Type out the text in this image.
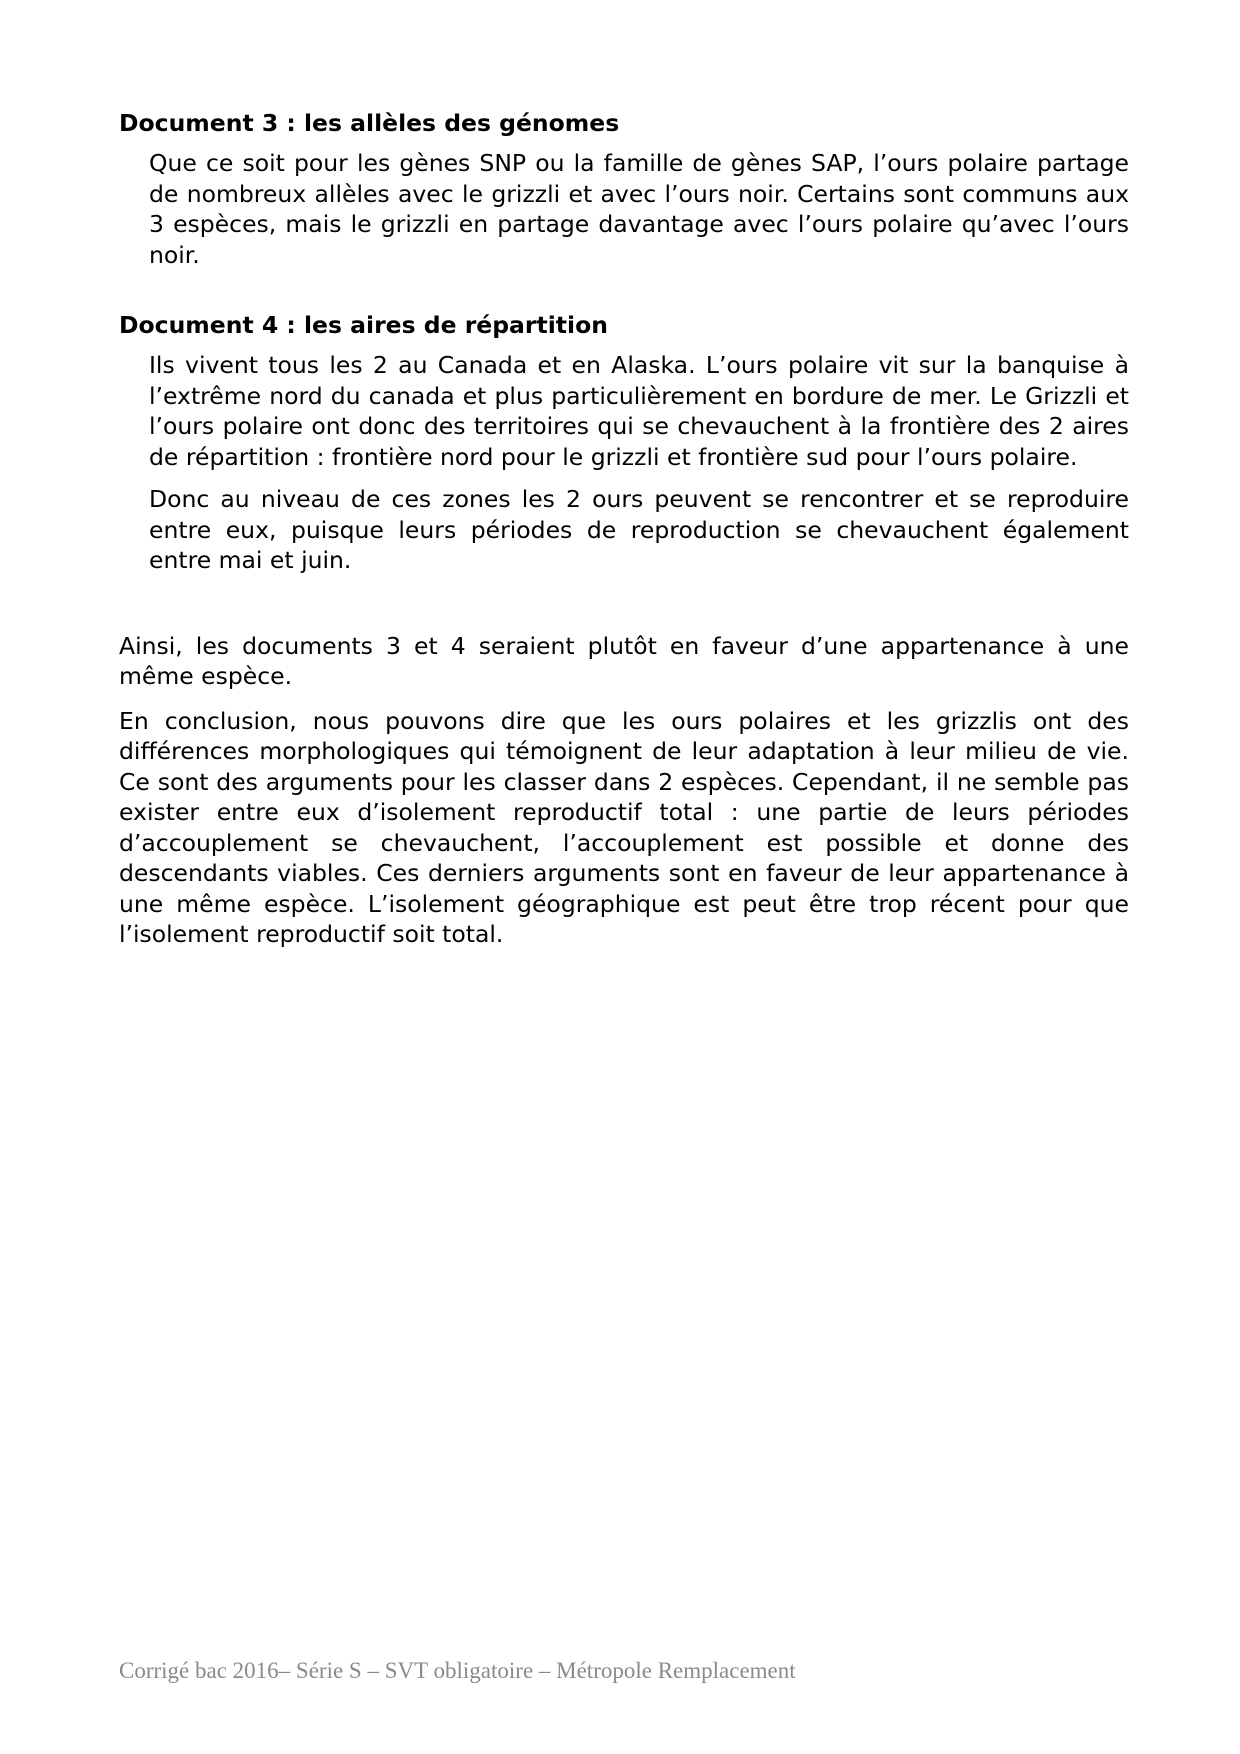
Document 3 : les allèles des génomes

Que ce soit pour les gènes SNP ou la famille de gènes SAP, l’ours polaire partage de nombreux allèles avec le grizzli et avec l’ours noir. Certains sont communs aux 3 espèces, mais le grizzli en partage davantage avec l’ours polaire qu’avec l’ours noir.

Document 4 : les aires de répartition

Ils vivent tous les 2 au Canada et en Alaska. L’ours polaire vit sur la banquise à l’extrême nord du canada et plus particulièrement en bordure de mer. Le Grizzli et l’ours polaire ont donc des territoires qui se chevauchent à la frontière des 2 aires de répartition : frontière nord pour le grizzli et frontière sud pour l’ours polaire.

Donc au niveau de ces zones les 2 ours peuvent se rencontrer et se reproduire entre eux, puisque leurs périodes de reproduction se chevauchent également entre mai et juin.

Ainsi, les documents 3 et 4 seraient plutôt en faveur d’une appartenance à une même espèce.

En conclusion, nous pouvons dire que les ours polaires et les grizzlis ont des différences morphologiques qui témoignent de leur adaptation à leur milieu de vie. Ce sont des arguments pour les classer dans 2 espèces. Cependant, il ne semble pas exister entre eux d’isolement reproductif total : une partie de leurs périodes d’accouplement se chevauchent, l’accouplement est possible et donne des descendants viables. Ces derniers arguments sont en faveur de leur appartenance à une même espèce. L’isolement géographique est peut être trop récent pour que l’isolement reproductif soit total.

Corrigé bac 2016– Série S – SVT obligatoire – Métropole Remplacement
